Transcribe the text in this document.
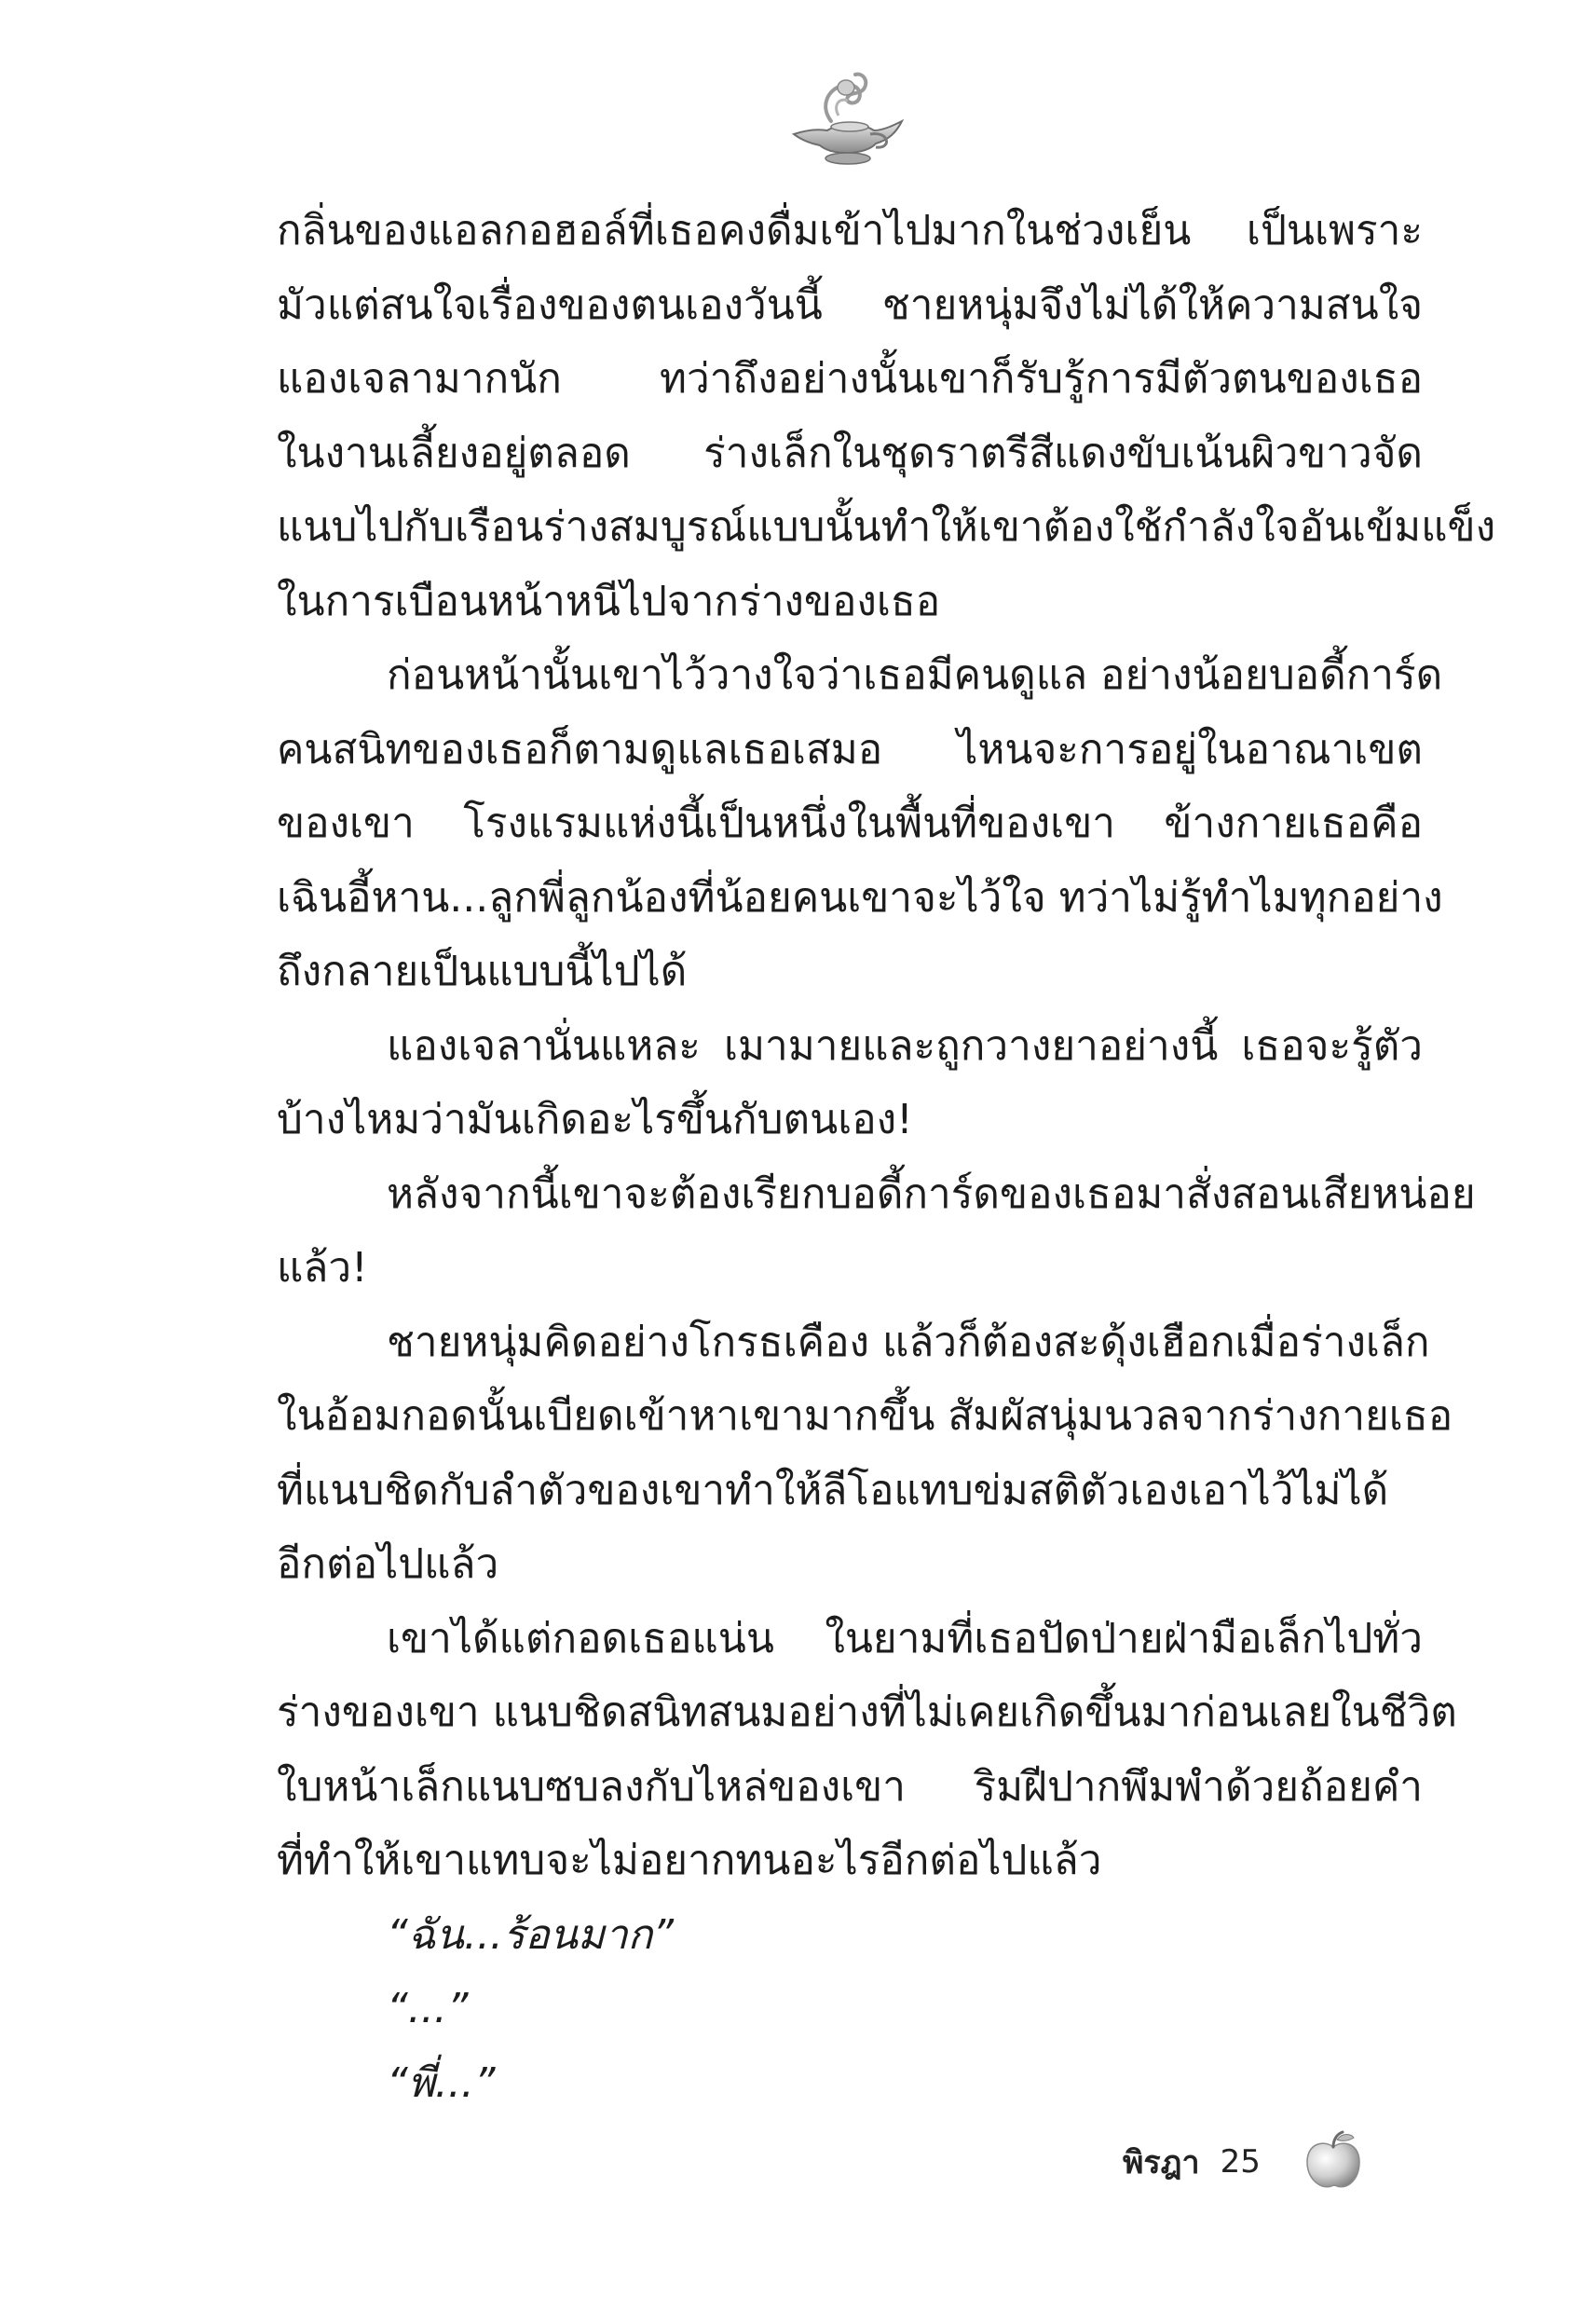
กลิ่นของแอลกอฮอล์ที่เธอคงดื่มเข้าไปมากในช่วงเย็น เป็นเพราะ
มัวแต่สนใจเรื่องของตนเองวันนี้ ชายหนุ่มจึงไม่ได้ให้ความสนใจ
แองเจลามากนัก ทว่าถึงอย่างนั้นเขาก็รับรู้การมีตัวตนของเธอ
ในงานเลี้ยงอยู่ตลอด ร่างเล็กในชุดราตรีสีแดงขับเน้นผิวขาวจัด
แนบไปกับเรือนร่างสมบูรณ์แบบนั้นทำให้เขาต้องใช้กำลังใจอันเข้มแข็ง
ในการเบือนหน้าหนีไปจากร่างของเธอ
ก่อนหน้านั้นเขาไว้วางใจว่าเธอมีคนดูแล อย่างน้อยบอดี้การ์ด
คนสนิทของเธอก็ตามดูแลเธอเสมอ ไหนจะการอยู่ในอาณาเขต
ของเขา โรงแรมแห่งนี้เป็นหนึ่งในพื้นที่ของเขา ข้างกายเธอคือ
เฉินอี้หาน...ลูกพี่ลูกน้องที่น้อยคนเขาจะไว้ใจ ทว่าไม่รู้ทำไมทุกอย่าง
ถึงกลายเป็นแบบนี้ไปได้
แองเจลานั่นแหละ เมามายและถูกวางยาอย่างนี้ เธอจะรู้ตัว
บ้างไหมว่ามันเกิดอะไรขึ้นกับตนเอง!
หลังจากนี้เขาจะต้องเรียกบอดี้การ์ดของเธอมาสั่งสอนเสียหน่อย
แล้ว!
ชายหนุ่มคิดอย่างโกรธเคือง แล้วก็ต้องสะดุ้งเฮือกเมื่อร่างเล็ก
ในอ้อมกอดนั้นเบียดเข้าหาเขามากขึ้น สัมผัสนุ่มนวลจากร่างกายเธอ
ที่แนบชิดกับลำตัวของเขาทำให้ลีโอแทบข่มสติตัวเองเอาไว้ไม่ได้
อีกต่อไปแล้ว
เขาได้แต่กอดเธอแน่น ในยามที่เธอปัดป่ายฝ่ามือเล็กไปทั่ว
ร่างของเขา แนบชิดสนิทสนมอย่างที่ไม่เคยเกิดขึ้นมาก่อนเลยในชีวิต
ใบหน้าเล็กแนบซบลงกับไหล่ของเขา ริมฝีปากพึมพำด้วยถ้อยคำ
ที่ทำให้เขาแทบจะไม่อยากทนอะไรอีกต่อไปแล้ว
“ฉัน...ร้อนมาก”
“...”
“พี่...”
พิรฎา 25
